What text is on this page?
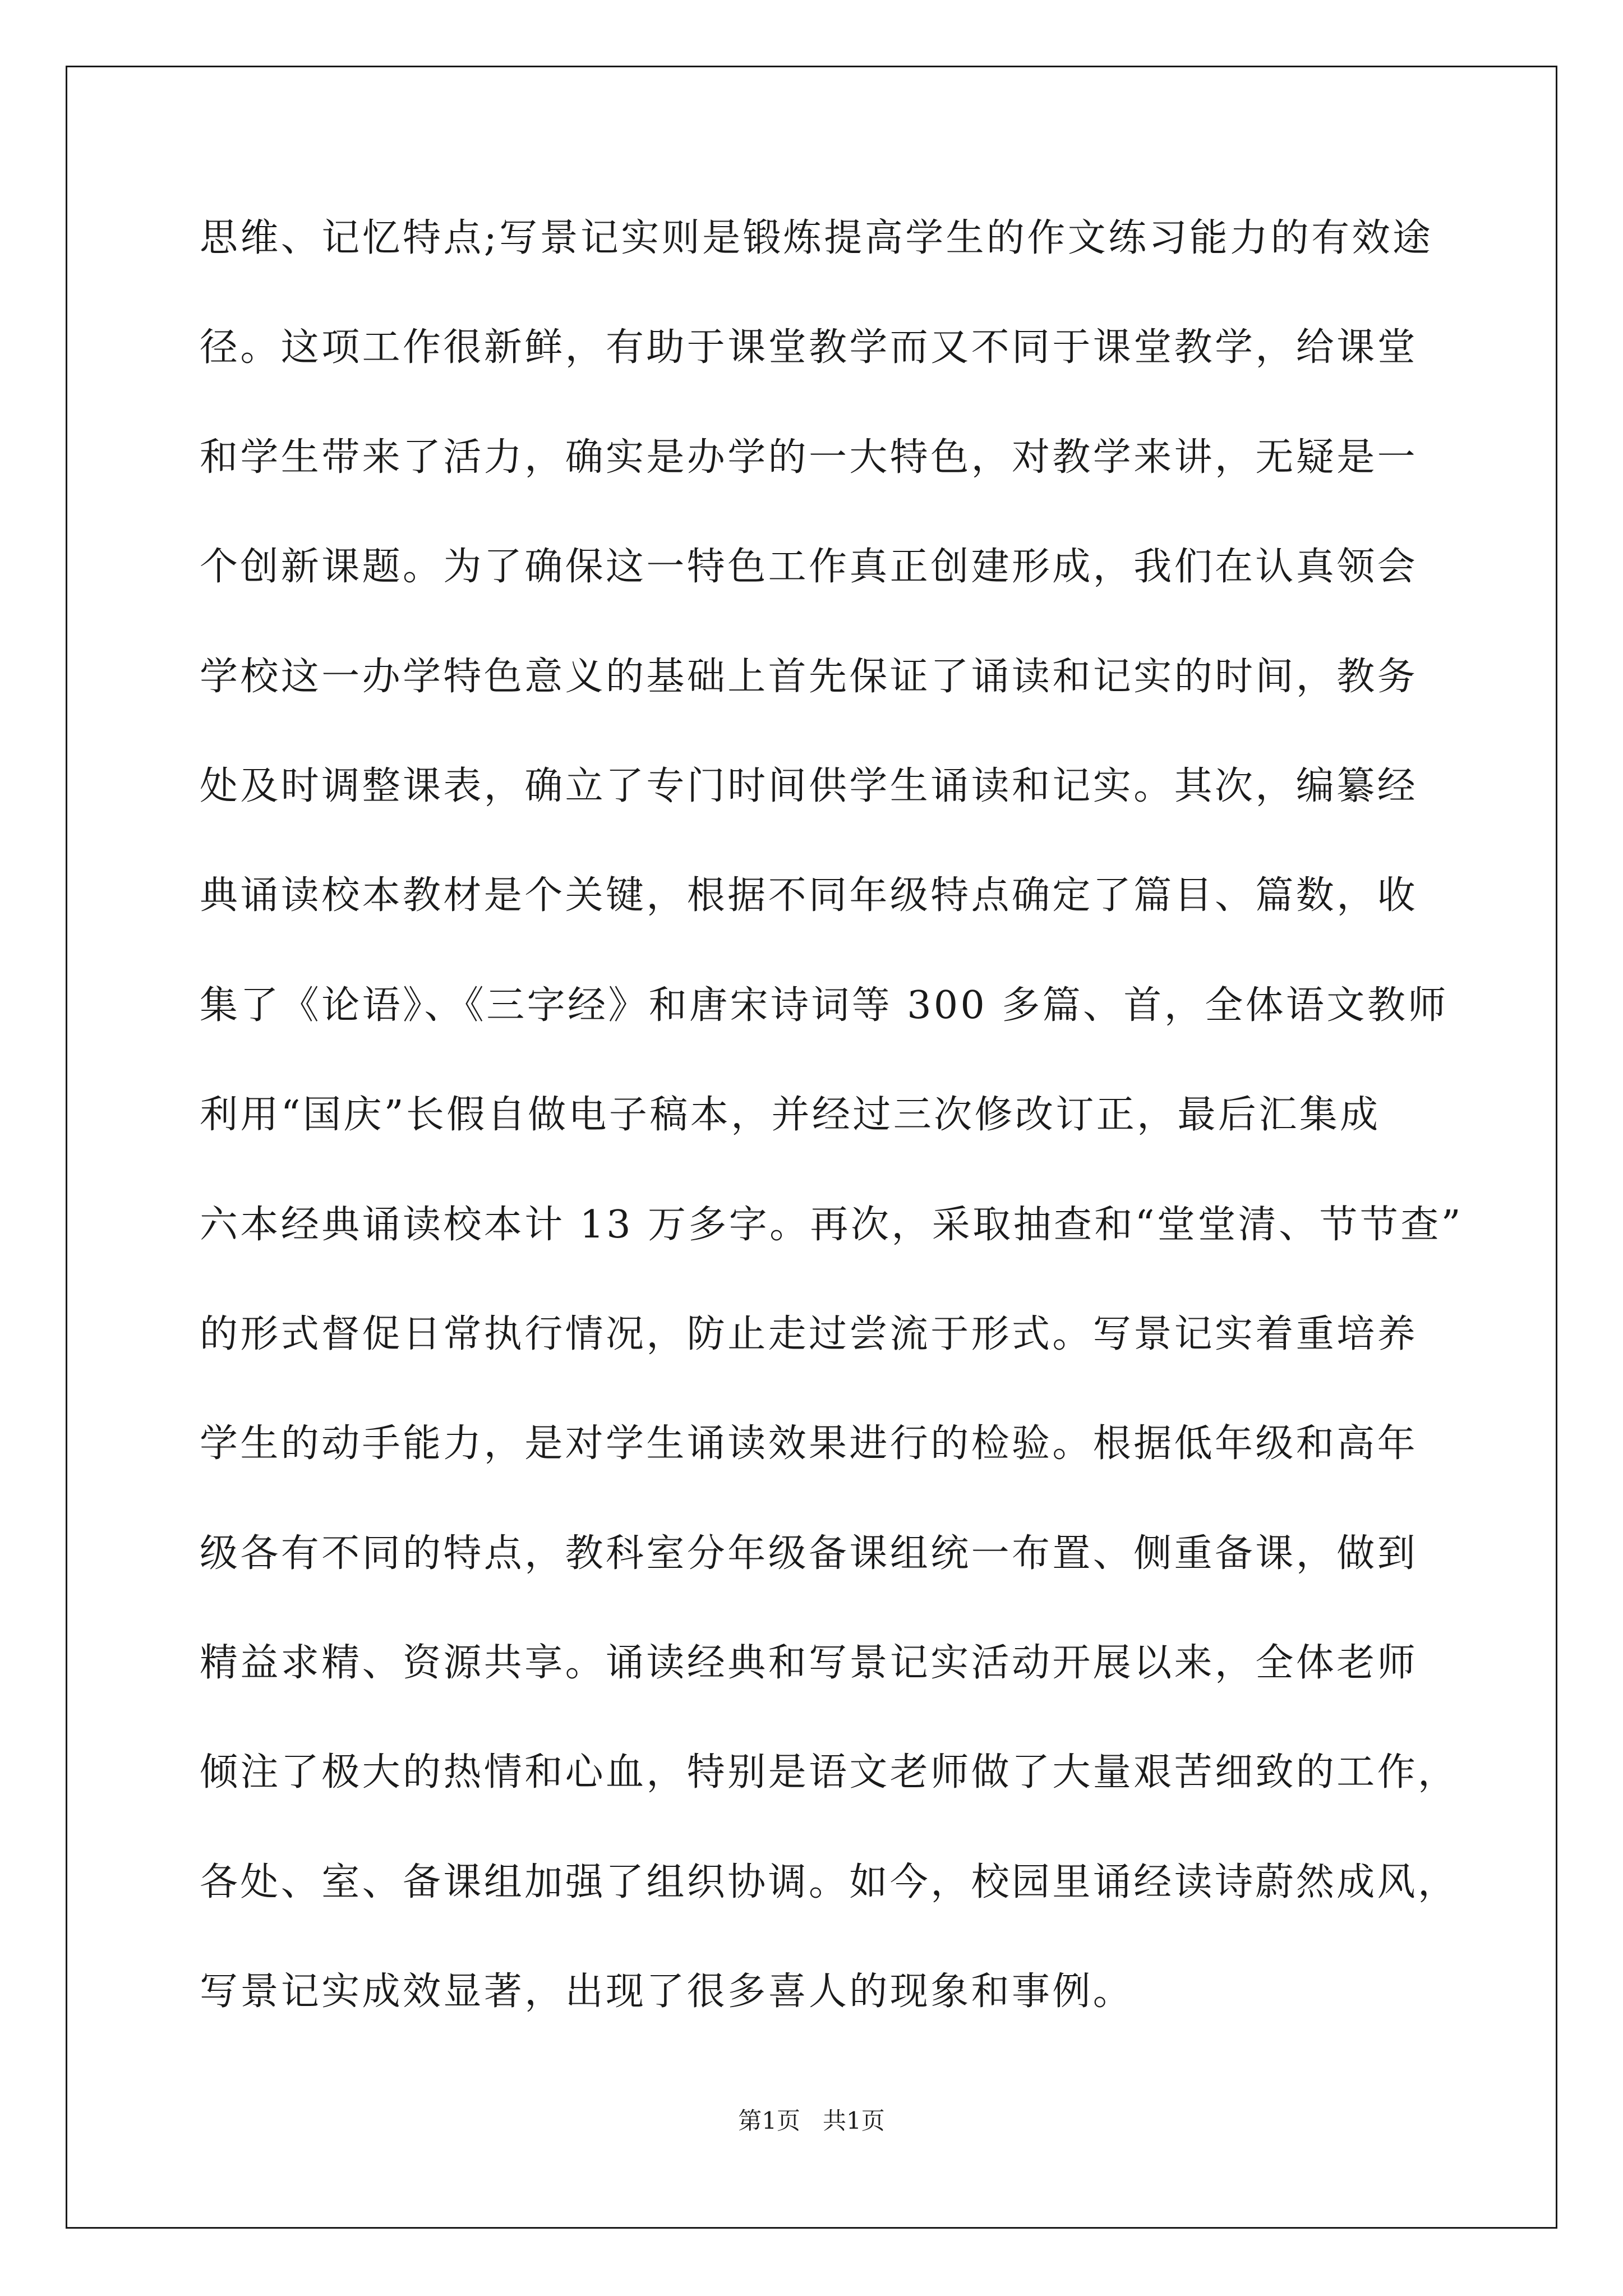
思维、记忆特点;写景记实则是锻炼提高学生的作文练习能力的有效途
径。这项工作很新鲜，有助于课堂教学而又不同于课堂教学，给课堂
和学生带来了活力，确实是办学的一大特色，对教学来讲，无疑是一
个创新课题。为了确保这一特色工作真正创建形成，我们在认真领会
学校这一办学特色意义的基础上首先保证了诵读和记实的时间，教务
处及时调整课表，确立了专门时间供学生诵读和记实。其次，编纂经
典诵读校本教材是个关键，根据不同年级特点确定了篇目、篇数，收
集了《论语》、《三字经》和唐宋诗词等 300 多篇、首，全体语文教师
利用“国庆”长假自做电子稿本，并经过三次修改订正，最后汇集成
六本经典诵读校本计 13 万多字。再次，采取抽查和“堂堂清、节节查”
的形式督促日常执行情况，防止走过尝流于形式。写景记实着重培养
学生的动手能力，是对学生诵读效果进行的检验。根据低年级和高年
级各有不同的特点，教科室分年级备课组统一布置、侧重备课，做到
精益求精、资源共享。诵读经典和写景记实活动开展以来，全体老师
倾注了极大的热情和心血，特别是语文老师做了大量艰苦细致的工作，
各处、室、备课组加强了组织协调。如今，校园里诵经读诗蔚然成风，
写景记实成效显著，出现了很多喜人的现象和事例。
第1页   共1页
